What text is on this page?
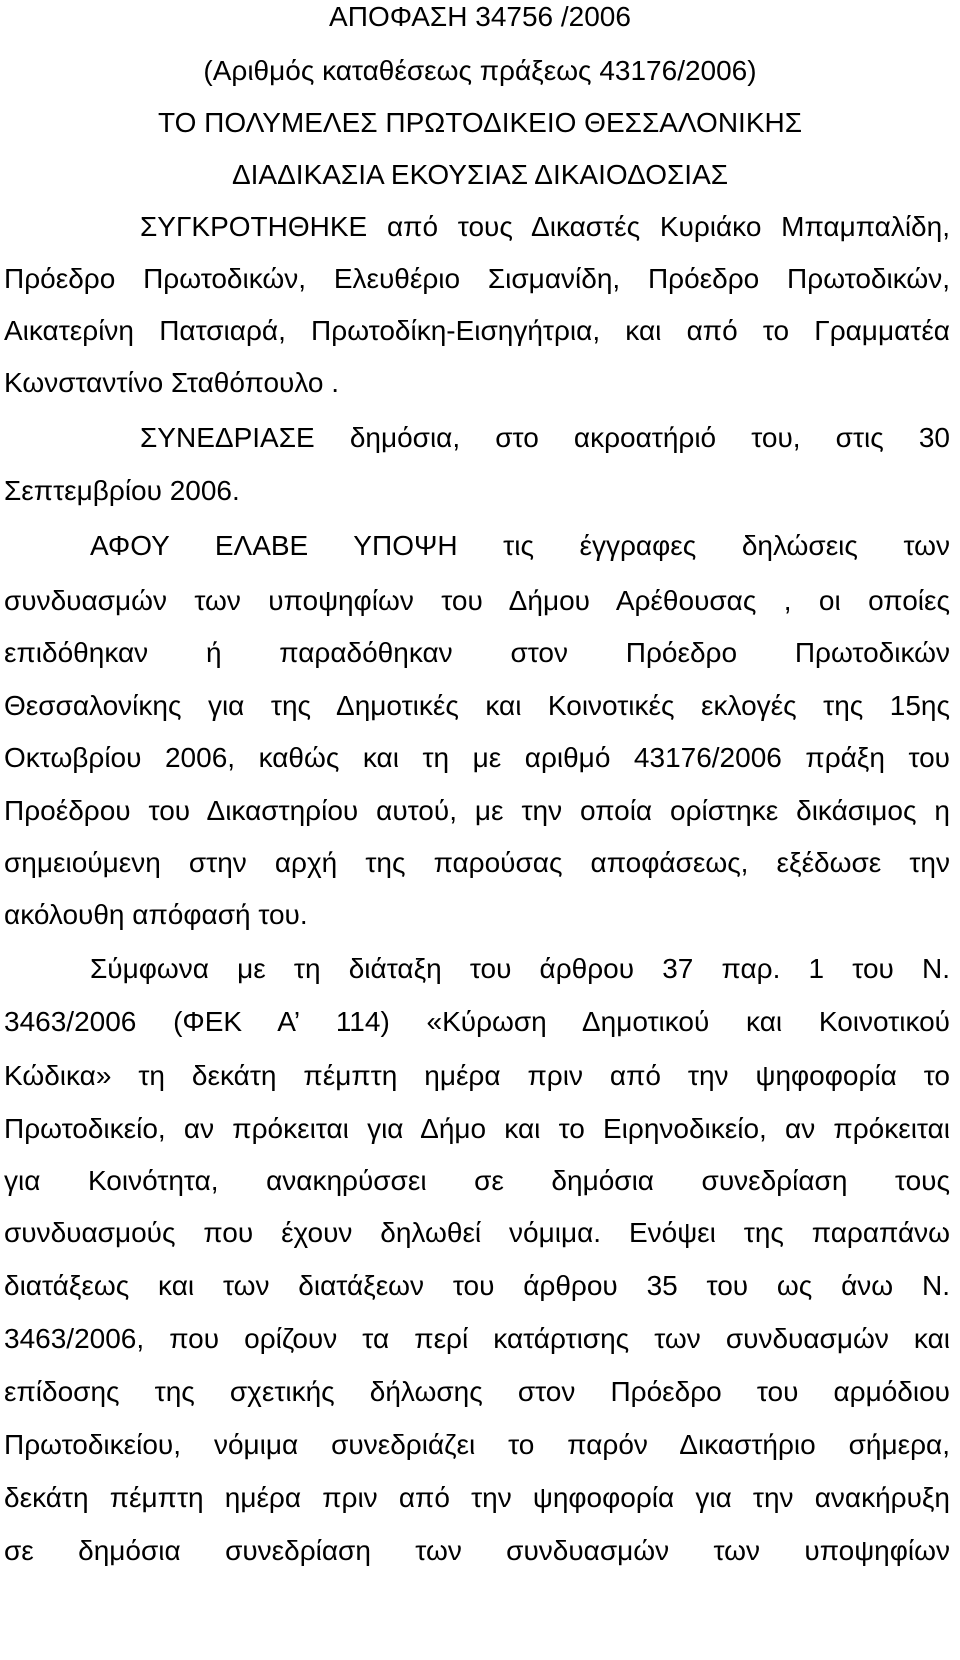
ΑΠΟΦΑΣΗ 34756 /2006
(Αριθμός καταθέσεως πράξεως 43176/2006)
ΤΟ ΠΟΛΥΜΕΛΕΣ ΠΡΩΤΟΔΙΚΕΙΟ ΘΕΣΣΑΛΟΝΙΚΗΣ
ΔΙΑΔΙΚΑΣΙΑ ΕΚΟΥΣΙΑΣ ΔΙΚΑΙΟΔΟΣΙΑΣ
ΣΥΓΚΡΟΤΗΘΗΚΕ από τους Δικαστές Κυριάκο Μπαμπαλίδη,
Πρόεδρο Πρωτοδικών, Ελευθέριο Σισμανίδη, Πρόεδρο Πρωτοδικών,
Αικατερίνη Πατσιαρά, Πρωτοδίκη-Εισηγήτρια, και από το Γραμματέα
Κωνσταντίνο Σταθόπουλο .
ΣΥΝΕΔΡΙΑΣΕ δημόσια, στο ακροατήριό του, στις 30
Σεπτεμβρίου 2006.
ΑΦΟΥ ΕΛΑΒΕ ΥΠΟΨΗ τις έγγραφες δηλώσεις των
συνδυασμών των υποψηφίων του Δήμου Αρέθουσας , οι οποίες
επιδόθηκαν ή παραδόθηκαν στον Πρόεδρο Πρωτοδικών
Θεσσαλονίκης για της Δημοτικές και Κοινοτικές εκλογές της 15ης
Οκτωβρίου 2006, καθώς και τη με αριθμό 43176/2006 πράξη του
Προέδρου του Δικαστηρίου αυτού, με την οποία ορίστηκε δικάσιμος η
σημειούμενη στην αρχή της παρούσας αποφάσεως, εξέδωσε την
ακόλουθη απόφασή του.
Σύμφωνα με τη διάταξη του άρθρου 37 παρ. 1 του Ν.
3463/2006 (ΦΕΚ Α’ 114) «Κύρωση Δημοτικού και Κοινοτικού
Κώδικα» τη δεκάτη πέμπτη ημέρα πριν από την ψηφοφορία το
Πρωτοδικείο, αν πρόκειται για Δήμο και το Ειρηνοδικείο, αν πρόκειται
για Κοινότητα, ανακηρύσσει σε δημόσια συνεδρίαση τους
συνδυασμούς που έχουν δηλωθεί νόμιμα. Ενόψει της παραπάνω
διατάξεως και των διατάξεων του άρθρου 35 του ως άνω Ν.
3463/2006, που ορίζουν τα περί κατάρτισης των συνδυασμών και
επίδοσης της σχετικής δήλωσης στον Πρόεδρο του αρμόδιου
Πρωτοδικείου, νόμιμα συνεδριάζει το παρόν Δικαστήριο σήμερα,
δεκάτη πέμπτη ημέρα πριν από την ψηφοφορία για την ανακήρυξη
σε δημόσια συνεδρίαση των συνδυασμών των υποψηφίων
